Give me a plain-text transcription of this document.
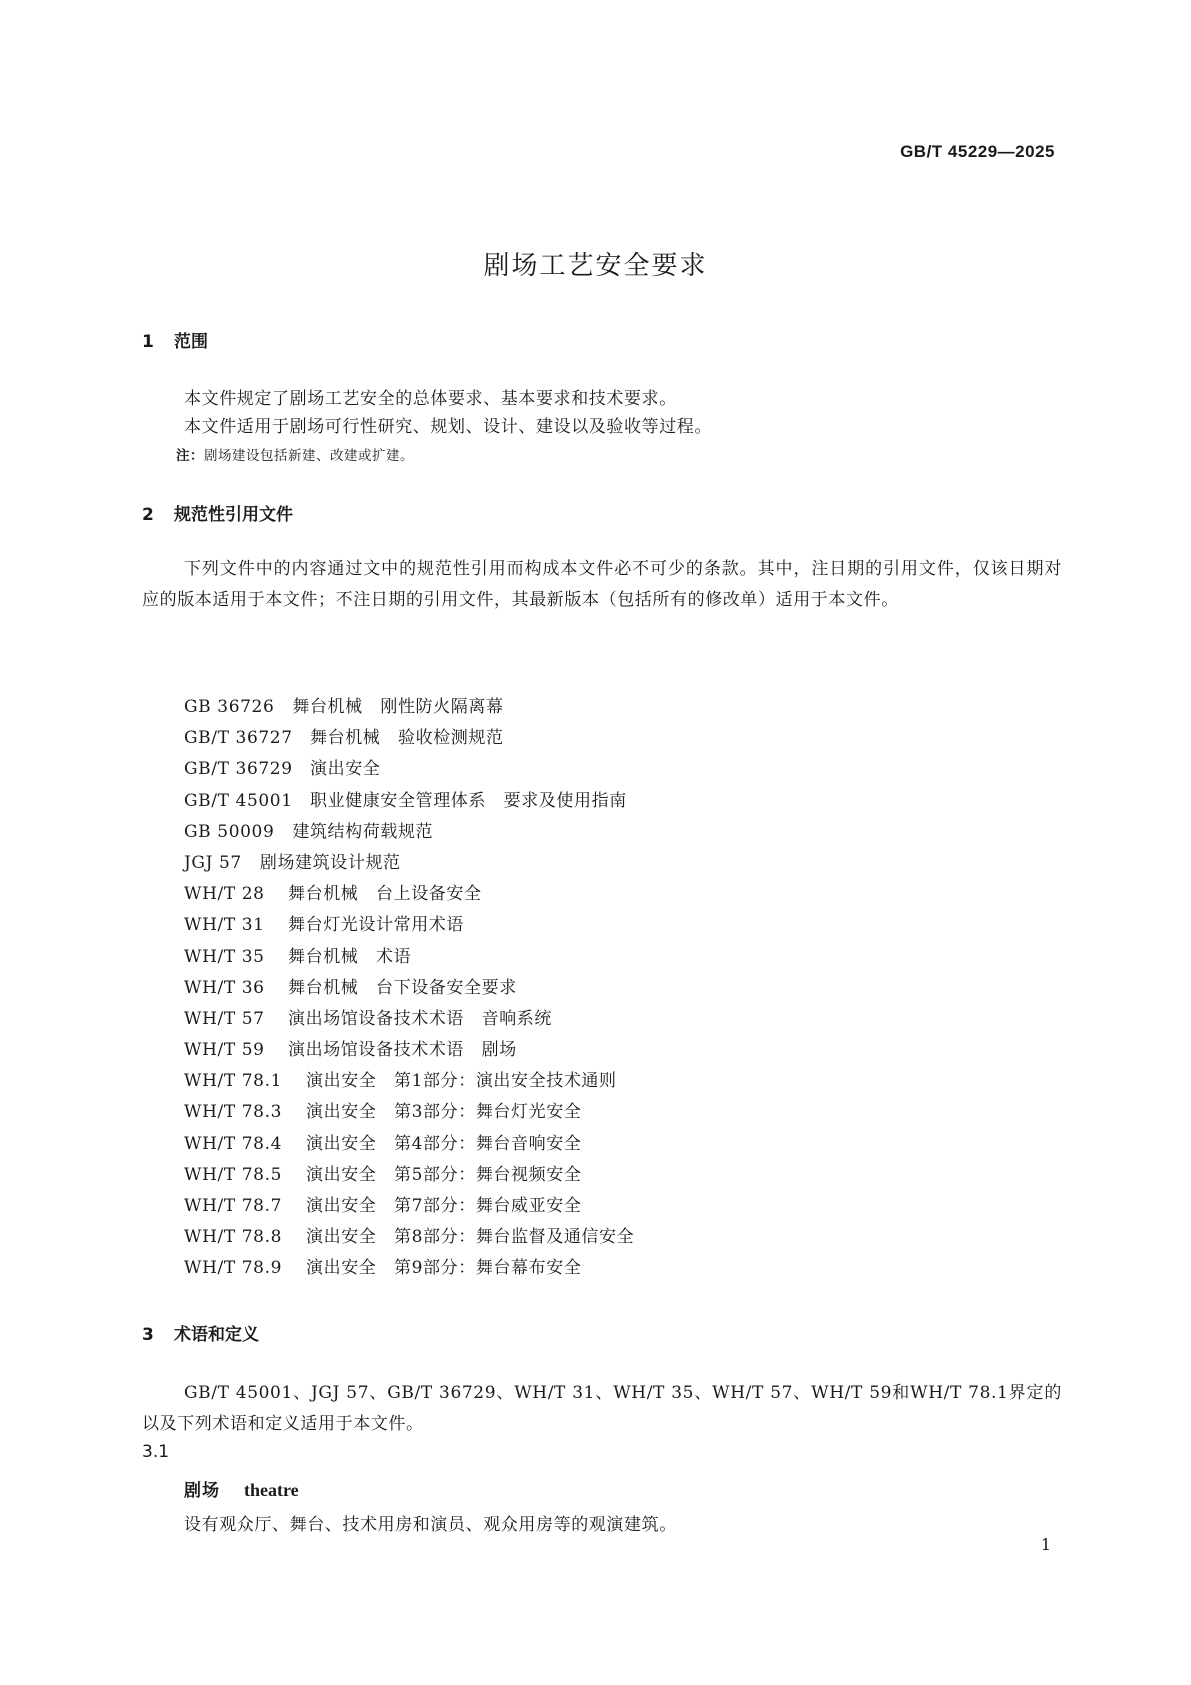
GB/T 45229—2025
剧场工艺安全要求
1 范围
本文件规定了剧场工艺安全的总体要求、基本要求和技术要求。
本文件适用于剧场可行性研究、规划、设计、建设以及验收等过程。
注：剧场建设包括新建、改建或扩建。
2 规范性引用文件
下列文件中的内容通过文中的规范性引用而构成本文件必不可少的条款。其中，注日期的引用文件，仅该日期对应的版本适用于本文件；不注日期的引用文件，其最新版本（包括所有的修改单）适用于本文件。
GB 36726 舞台机械　刚性防火隔离幕
GB/T 36727 舞台机械　验收检测规范
GB/T 36729 演出安全
GB/T 45001 职业健康安全管理体系　要求及使用指南
GB 50009 建筑结构荷载规范
JGJ 57 剧场建筑设计规范
WH/T 28 舞台机械　台上设备安全
WH/T 31 舞台灯光设计常用术语
WH/T 35 舞台机械　术语
WH/T 36 舞台机械　台下设备安全要求
WH/T 57 演出场馆设备技术术语　音响系统
WH/T 59 演出场馆设备技术术语　剧场
WH/T 78.1 演出安全　第1部分：演出安全技术通则
WH/T 78.3 演出安全　第3部分：舞台灯光安全
WH/T 78.4 演出安全　第4部分：舞台音响安全
WH/T 78.5 演出安全　第5部分：舞台视频安全
WH/T 78.7 演出安全　第7部分：舞台威亚安全
WH/T 78.8 演出安全　第8部分：舞台监督及通信安全
WH/T 78.9 演出安全　第9部分：舞台幕布安全
3 术语和定义
GB/T 45001、JGJ 57、GB/T 36729、WH/T 31、WH/T 35、WH/T 57、WH/T 59和WH/T 78.1界定的以及下列术语和定义适用于本文件。
3.1
剧场 theatre
设有观众厅、舞台、技术用房和演员、观众用房等的观演建筑。
1
